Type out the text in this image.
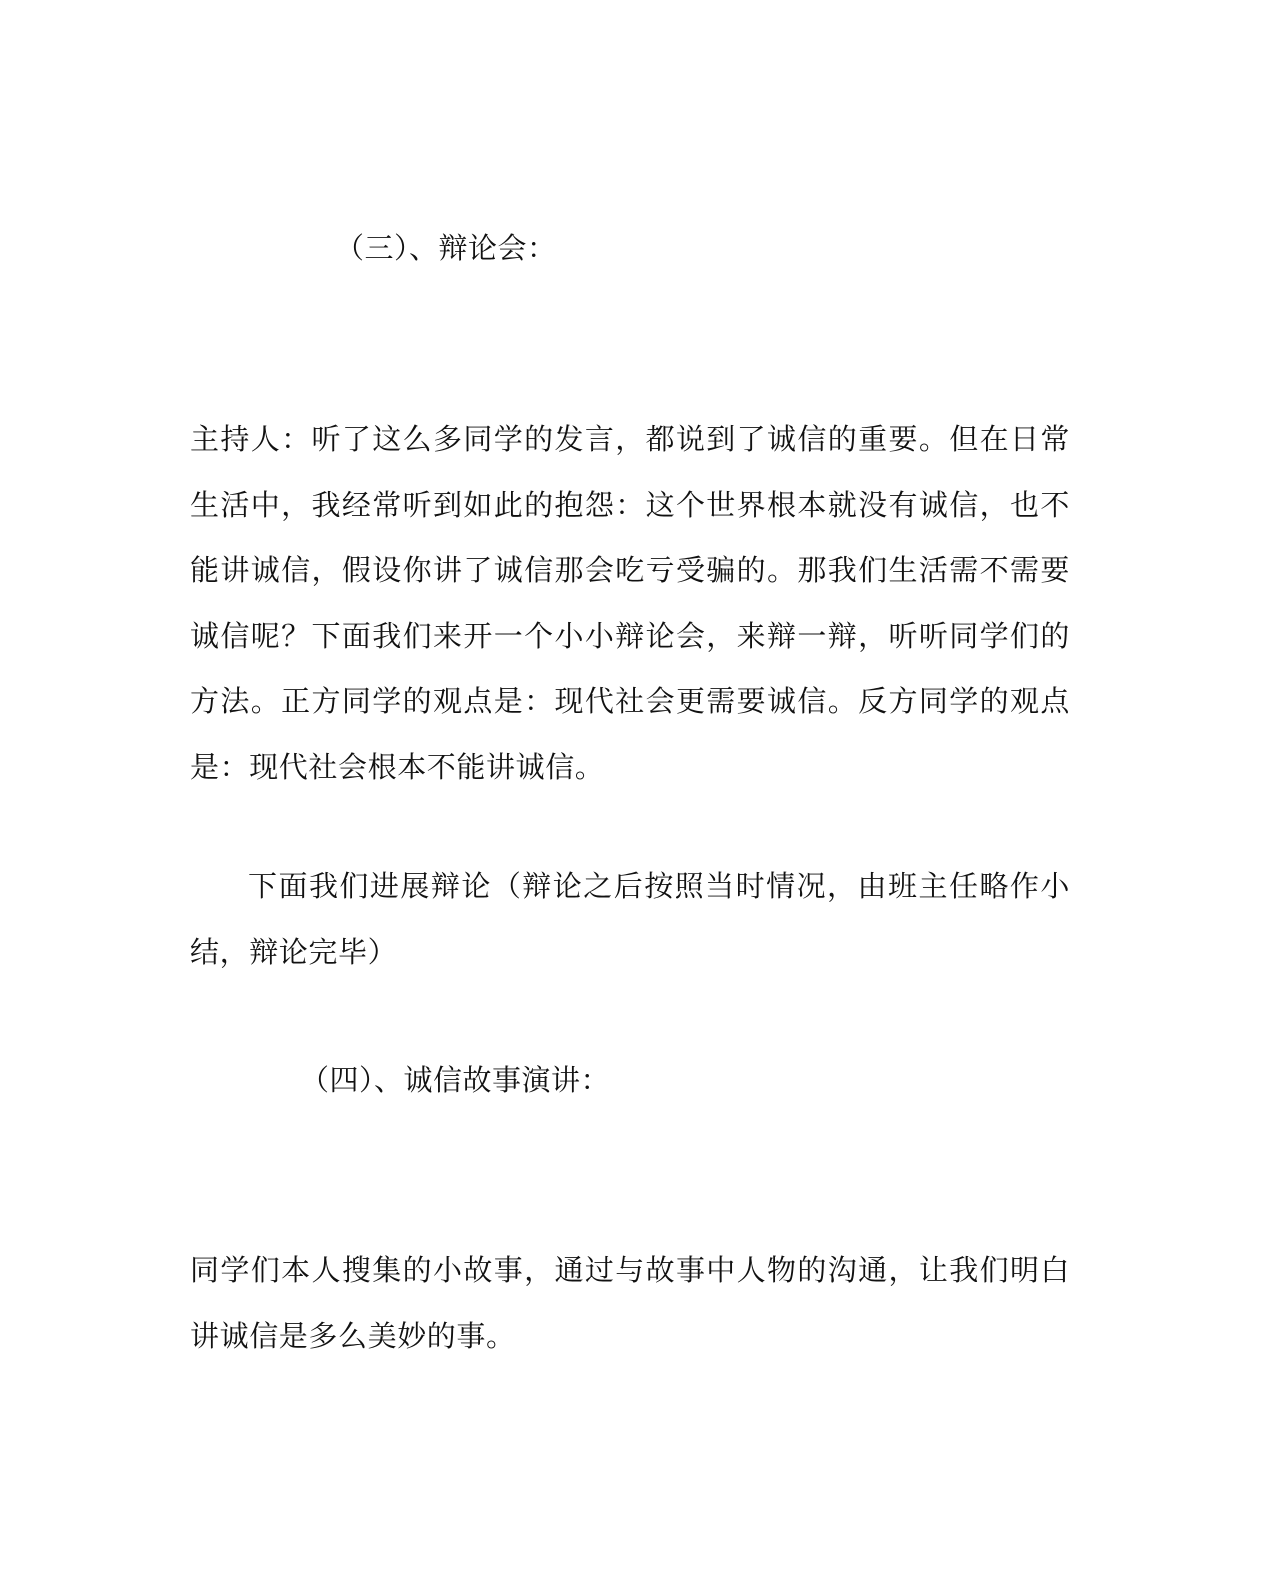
（三）、辩论会：
主持人：听了这么多同学的发言，都说到了诚信的重要。但在日常生活中，我经常听到如此的抱怨：这个世界根本就没有诚信，也不能讲诚信，假设你讲了诚信那会吃亏受骗的。那我们生活需不需要诚信呢？下面我们来开一个小小辩论会，来辩一辩，听听同学们的方法。正方同学的观点是：现代社会更需要诚信。反方同学的观点是：现代社会根本不能讲诚信。
下面我们进展辩论（辩论之后按照当时情况，由班主任略作小结，辩论完毕）
（四）、诚信故事演讲：
同学们本人搜集的小故事，通过与故事中人物的沟通，让我们明白讲诚信是多么美妙的事。
